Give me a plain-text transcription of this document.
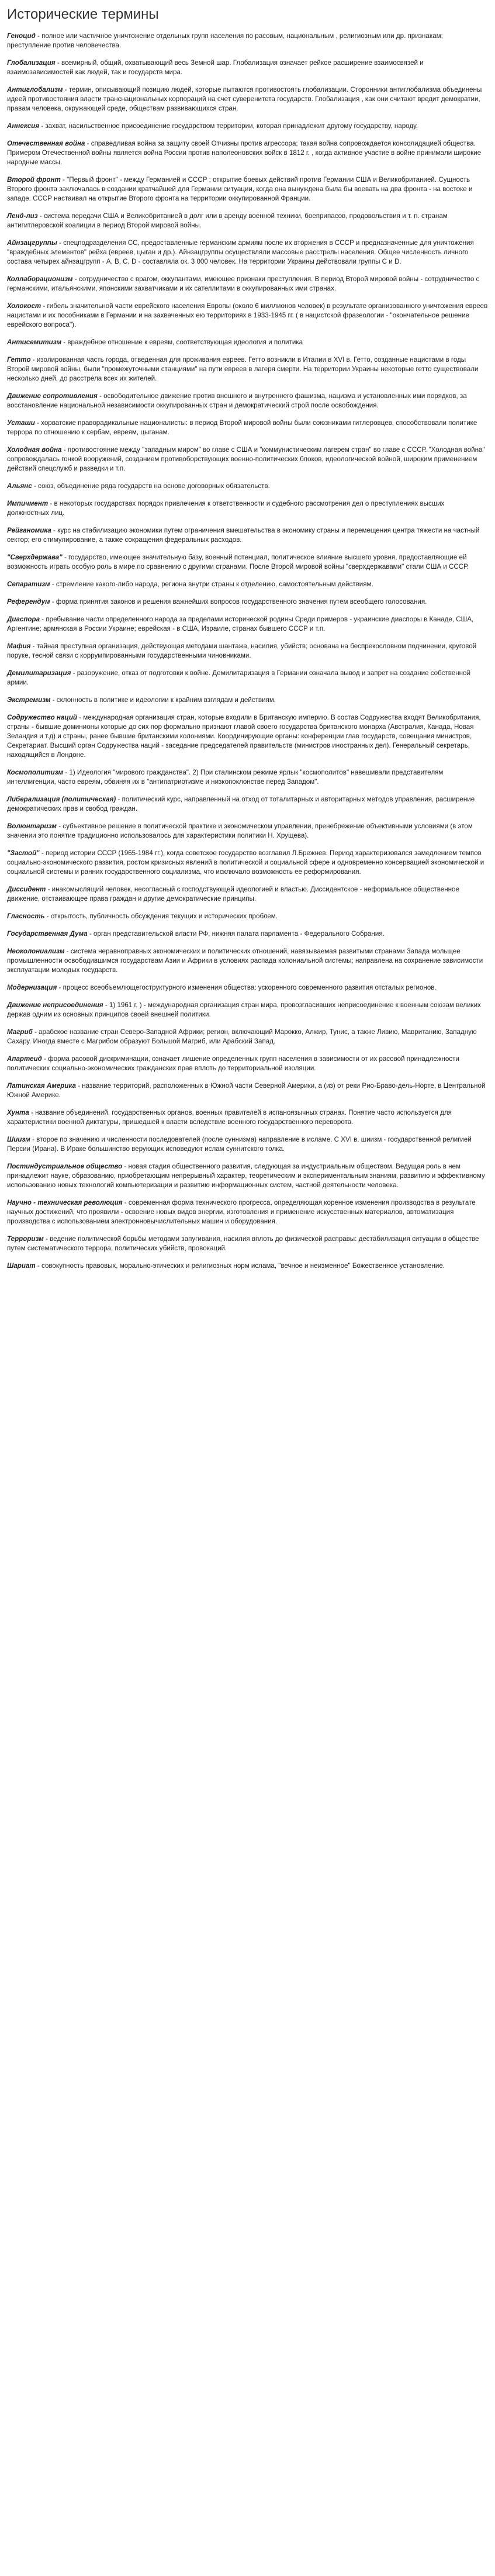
Исторические термины

Геноцид - полное или частичное уничтожение отдельных групп населения по расовым, национальным , религиозным или др. признакам; преступление против человечества.

Глобализация - всемирный, общий, охватывающий весь Земной шар. Глобализация означает рейкое расширение взаимосвязей и взаимозависимостей как людей, так и государств мира.

Антиглобализм - термин, описывающий позицию людей, которые пытаются противостоять глобализации. Сторонники антиглобализма объединены идеей противостояния власти транснациональных корпораций на счет суверенитета государств. Глобализация , как они считают вредит демократии, правам человека, окружающей среде, обществам развивающихся стран.

Аннексия - захват, насильственное присоединение государством территории, которая принадлежит другому государству, народу.

Отечественная война - справедливая война за защиту своей Отчизны против агрессора; такая война сопровождается консолидацией общества. Примером Отечественной войны является война России против наполеоновских войск в 1812 г. , когда активное участие в войне принимали широкие народные массы.

Второй фронт - "Первый фронт" - между Германией и СССР ; открытие боевых действий против Германии США и Великобританией. Сущность Второго фронта заключалась в создании кратчайшей для Германии ситуации, когда она вынуждена была бы воевать на два фронта - на востоке и западе. СССР настаивал на открытие Второго фронта на территории оккупированной Франции.

Ленд-лиз - система передачи США и Великобританией в долг или в аренду военной техники, боеприпасов, продовольствия и т. п. странам антигитлеровской коалиции в период Второй мировой войны.

Айнзацгруппы - спецподразделения СС, предоставленные германским армиям после их вторжения в СССР и предназначенные для уничтожения "враждебных элементов" рейха (евреев, цыган и др.). Айнзацгруппы осуществляли массовые расстрелы населения. Общее численность личного состава четырех айнзацгрупп - А, В, С, D - составляла ок. 3 000 человек. На территории Украины действовали группы С и D.

Коллаборационизм - сотрудничество с врагом, оккупантами, имеющее признаки преступления. В период Второй мировой войны - сотрудничество с германскими, итальянскими, японскими захватчиками и их сателлитами в оккупированных ими странах.

Холокост - гибель значительной части еврейского населения Европы (около 6 миллионов человек) в результате организованного уничтожения евреев нацистами и их пособниками в Германии и на захваченных ею территориях в 1933-1945 гг. ( в нацистской фразеологии - "окончательное решение еврейского вопроса").

Антисемитизм - враждебное отношение к евреям, соответствующая идеология и политика

Гетто - изолированная часть города, отведенная для проживания евреев. Гетто возникли в Италии в XVI в. Гетто, созданные нацистами в годы Второй мировой войны, были "промежуточными станциями" на пути евреев в лагеря смерти. На территории Украины некоторые гетто существовали несколько дней, до расстрела всех их жителей.

Движение сопротивления - освободительное движение против внешнего и внутреннего фашизма, нацизма и установленных ими порядков, за восстановление национальной независимости оккупированных стран и демократический строй после освобождения.

Усташи - хорватские праворадикальные националисты: в период Второй мировой войны были союзниками гитлеровцев, способствовали политике террора по отношению к сербам, евреям, цыганам.

Холодная война - противостояние между "западным миром" во главе с США и "коммунистическим лагерем стран" во главе с СССР. "Холодная война" сопровождалась гонкой вооружений, созданием противоборствующих военно-политических блоков, идеологической войной, широким применением действий спецслужб и разведки и т.п.

Альянс - союз, объединение ряда государств на основе договорных обязательств.

Импичмент - в некоторых государствах порядок привлечения к ответственности и судебного рассмотрения дел о преступлениях высших должностных лиц.

Рейганомика - курс на стабилизацию экономики путем ограничения вмешательства в экономику страны и перемещения центра тяжести на частный сектор; его стимулирование, а также сокращения федеральных расходов.

"Сверхдержава" - государство, имеющее значительную базу, военный потенциал, политическое влияние высшего уровня, предоставляющие ей возможность играть особую роль в мире по сравнению с другими странами. После Второй мировой войны "сверхдержавами" стали США и СССР.

Сепаратизм - стремление какого-либо народа, региона внутри страны к отделению, самостоятельным действиям.

Референдум - форма принятия законов и решения важнейших вопросов государственного значения путем всеобщего голосования.

Диаспора - пребывание части определенного народа за пределами исторической родины Среди примеров - украинские диаспоры в Канаде, США, Аргентине; армянская в России Украине; еврейская - в США, Израиле, странах бывшего СССР и т.п.

Мафия - тайная преступная организация, действующая методами шантажа, насилия, убийств; основана на беспрекословном подчинении, круговой поруке, тесной связи с коррумпированными государственными чиновниками.

Демилитаризация - разоружение, отказ от подготовки к войне. Демилитаризация в Германии означала вывод и запрет на создание собственной армии.

Экстремизм - склонность в политике и идеологии к крайним взглядам и действиям.

Содружество наций - международная организация стран, которые входили в Британскую империю. В состав Содружества входят Великобритания, страны - бывшие доминионы которые до сих пор формально признают главой своего государства британского монарха (Австралия, Канада, Новая Зеландия и т.д) и страны, ранее бывшие британскими колониями. Координирующие органы: конференции глав государств, совещания министров, Секретариат. Высший орган Содружества наций - заседание председателей правительств (министров иностранных дел). Генеральный секретарь, находящийся в Лондоне.

Космополитизм - 1) Идеология "мирового гражданства". 2) При сталинском режиме ярлык "космополитов" навешивали представителям интеллигенции, часто евреям, обвиняя их в "антипатриотизме и низкопоклонстве перед Западом".

Либерализация (политическая) - политический курс, направленный на отход от тоталитарных и авторитарных методов управления, расширение демократических прав и свобод граждан.

Волюнтаризм - субъективное решение в политической практике и экономическом управлении, пренебрежение объективными условиями (в этом значении это понятие традиционно использовалось для характеристики политики Н. Хрущева).

"Застой" - период истории СССР (1965-1984 гг.), когда советское государство возглавил Л.Брежнев. Период характеризовался замедлением темпов социально-экономического развития, ростом кризисных явлений в политической и социальной сфере и одновременно консервацией экономической и социальной системы и ранних государственного социализма, что исключало возможность ее реформирования.

Диссидент - инакомыслящий человек, несогласный с господствующей идеологией и властью. Диссидентское - неформальное общественное движение, отстаивающее права граждан и другие демократические принципы.

Гласность - открытость, публичность обсуждения текущих и исторических проблем.

Государственная Дума - орган представительской власти РФ, нижняя палата парламента - Федерального Собрания.

Неоколониализм - система неравноправных экономических и политических отношений, навязываемая развитыми странами Запада мольщее промышленности освободившимся государствам Азии и Африки в условиях распада колониальной системы; направлена на сохранение зависимости эксплуатации молодых государств.

Модернизация - процесс всеобъемлющегоструктурного изменения общества: ускоренного современного развития отсталых регионов.

Движение неприсоединения - 1) 1961 г. ) - международная организация стран мира, провозгласивших неприсоединение к военным союзам великих держав одним из основных принципов своей внешней политики.

Магриб - арабское название стран Северо-Западной Африки; регион, включающий Марокко, Алжир, Тунис, а также Ливию, Мавританию, Западную Сахару. Иногда вместе с Магрибом образуют Большой Магриб, или Арабский Запад.

Апартеид - форма расовой дискриминации, означает лишение определенных групп населения в зависимости от их расовой принадлежности политических социально-экономических гражданских прав вплоть до территориальной изоляции.

Латинская Америка - название территорий, расположенных в Южной части Северной Америки, а (из) от реки Рио-Браво-дель-Норте, в Центральной Южной Америке.

Хунта - название объединений, государственных органов, военных правителей в испаноязычных странах. Понятие часто используется для характеристики военной диктатуры, пришедшей к власти вследствие военного государственного переворота.

Шиизм - второе по значению и численности последователей (после суннизма) направление в исламе. С XVI в. шиизм - государственной религией Персии (Ирана). В Ираке большинство верующих исповедуют ислам суннитского толка.

Постиндустриальное общество - новая стадия общественного развития, следующая за индустриальным обществом. Ведущая роль в нем принадлежит науке, образованию, приобретающим непрерывный характер, теоретическим и экспериментальным знаниям, развитию и эффективному использованию новых технологий компьютеризации и развитию информационных систем, частной деятельности человека.

Научно - техническая революция - современная форма технического прогресса, определяющая коренное изменения производства в результате научных достижений, что проявили - освоение новых видов энергии, изготовления и применение искусственных материалов, автоматизация производства с использованием электронновычислительных машин и оборудования.

Терроризм - ведение политической борьбы методами запугивания, насилия вплоть до физической расправы: дестабилизация ситуации в обществе путем систематического террора, политических убийств, провокаций.

Шариат - совокупность правовых, морально-этических и религиозных норм ислама, "вечное и неизменное" Божественное установление.
